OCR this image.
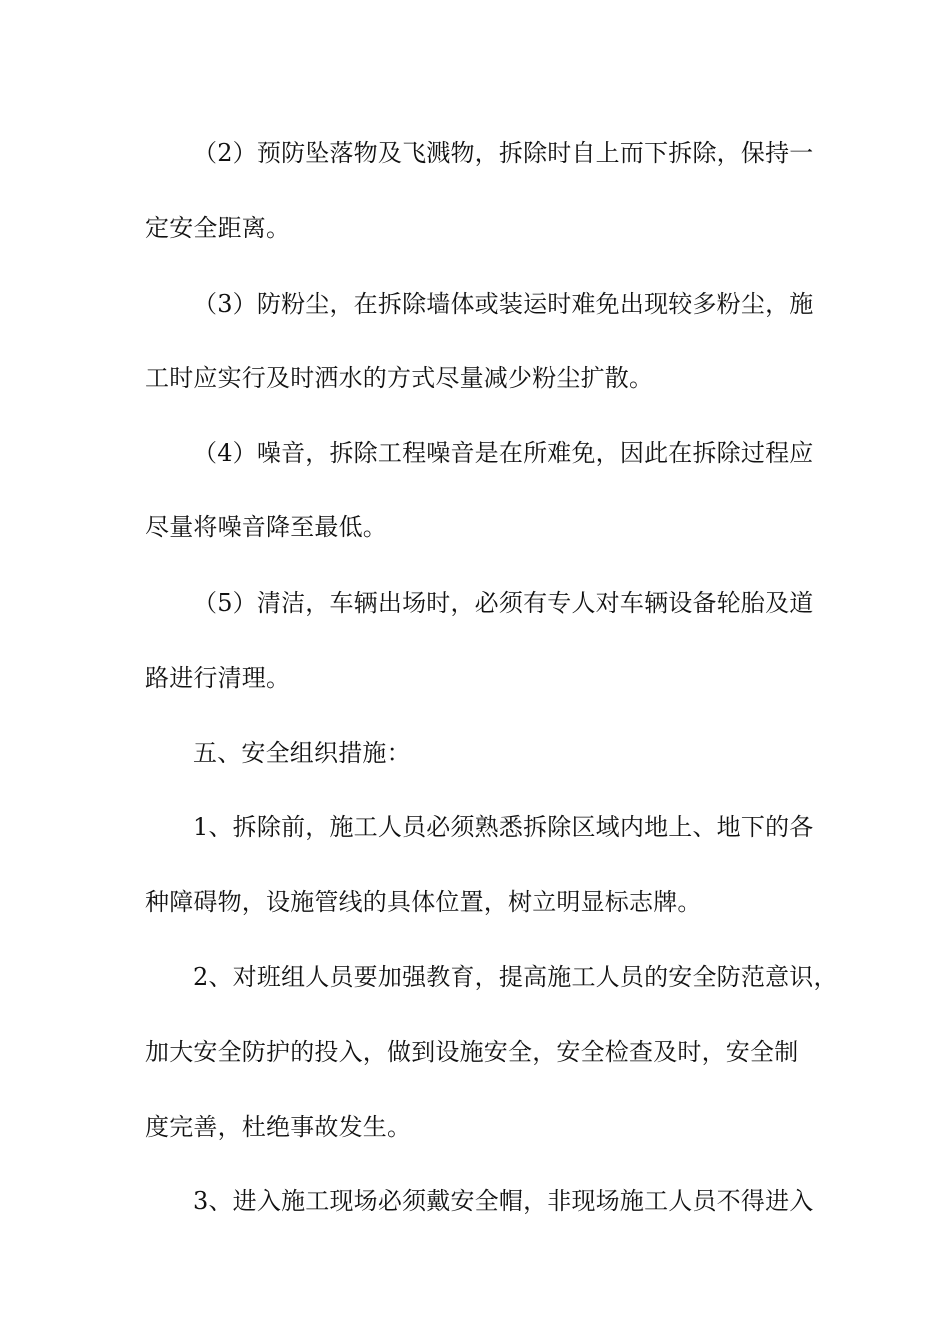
（2）预防坠落物及飞溅物，拆除时自上而下拆除，保持一
定安全距离。
（3）防粉尘，在拆除墙体或装运时难免出现较多粉尘，施
工时应实行及时洒水的方式尽量减少粉尘扩散。
（4）噪音，拆除工程噪音是在所难免，因此在拆除过程应
尽量将噪音降至最低。
（5）清洁，车辆出场时，必须有专人对车辆设备轮胎及道
路进行清理。
五、安全组织措施：
1、拆除前，施工人员必须熟悉拆除区域内地上、地下的各
种障碍物，设施管线的具体位置，树立明显标志牌。
2、对班组人员要加强教育，提高施工人员的安全防范意识，
加大安全防护的投入，做到设施安全，安全检查及时，安全制
度完善，杜绝事故发生。
3、进入施工现场必须戴安全帽，非现场施工人员不得进入
